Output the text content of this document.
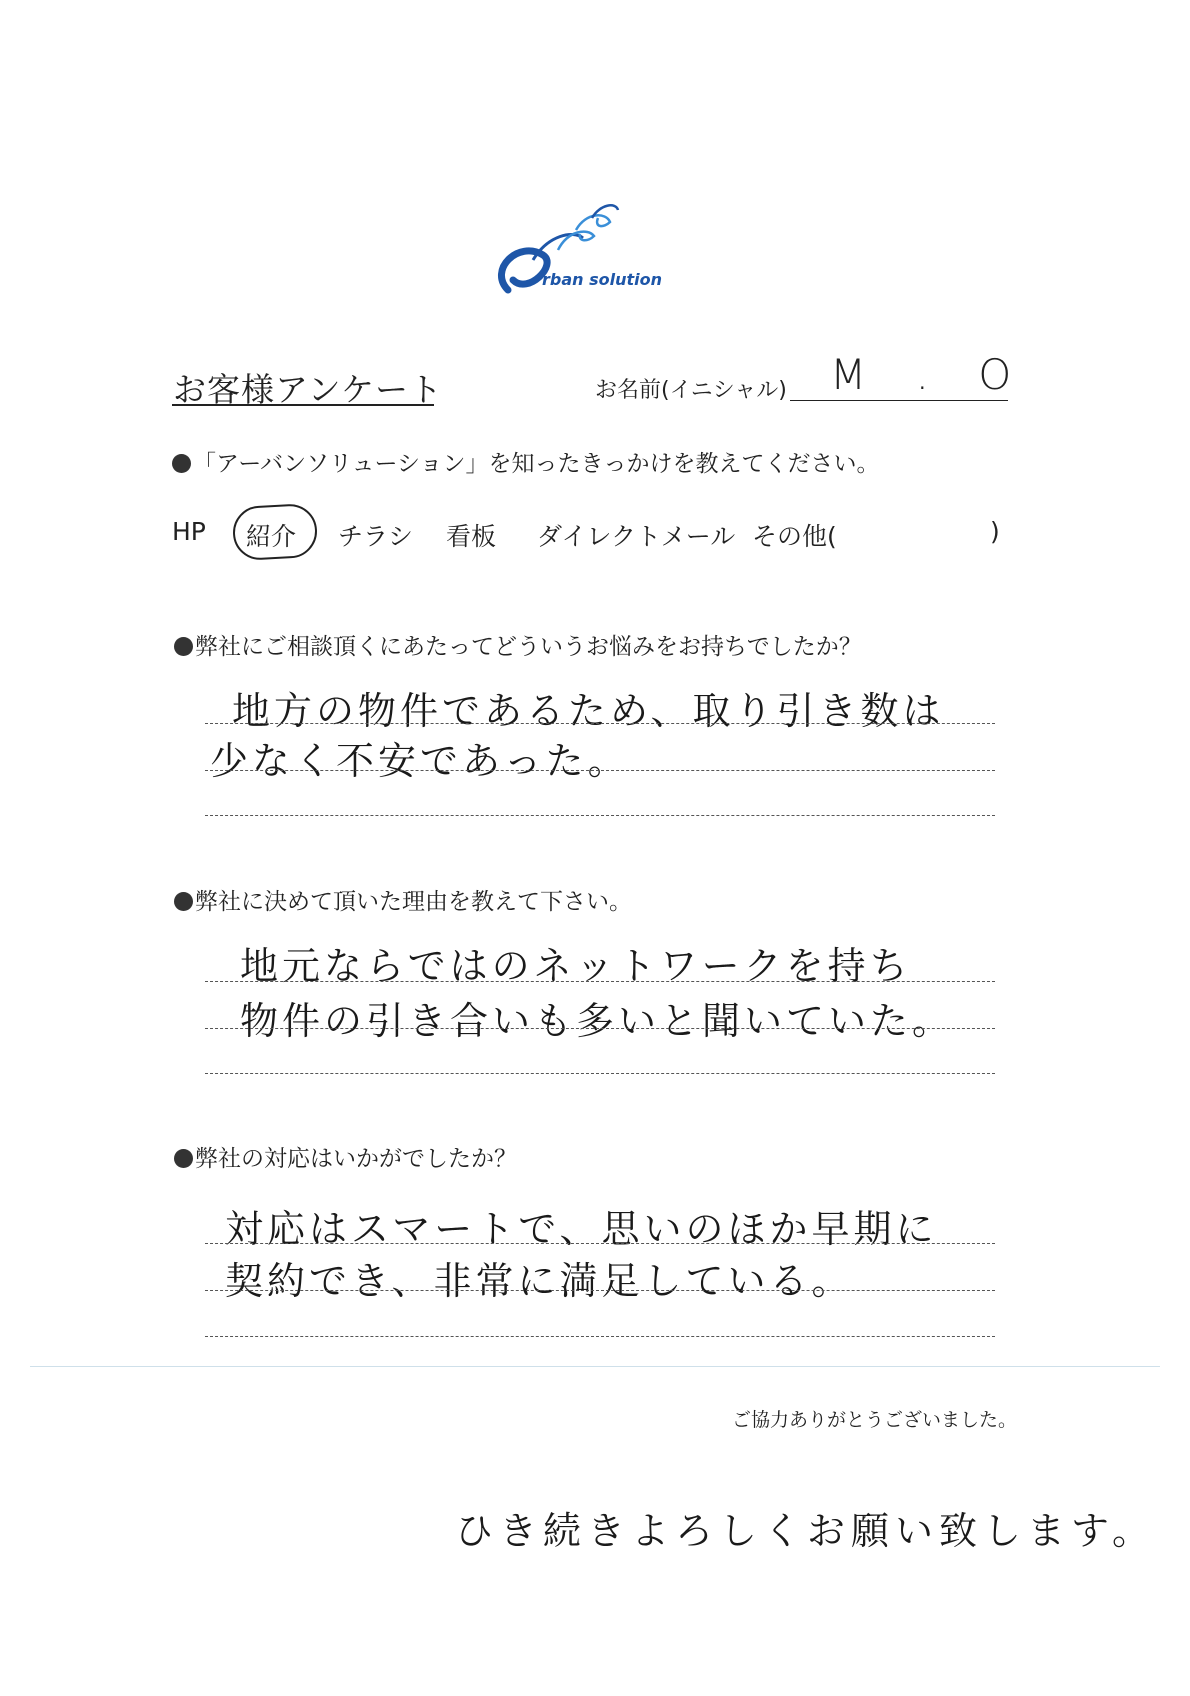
rban solution
お客様アンケート	お名前(イニシャル) M . O
「アーバンソリューション」を知ったきっかけを教えてください。
HP 紹介 チラシ 看板 ダイレクトメール その他(	)
弊社にご相談頂くにあたってどういうお悩みをお持ちでしたか？
地方の物件であるため、取り引き数は
少なく不安であった。
弊社に決めて頂いた理由を教えて下さい。
地元ならではのネットワークを持ち
物件の引き合いも多いと聞いていた。
弊社の対応はいかがでしたか？
対応はスマートで、思いのほか早期に
契約でき、非常に満足している。
ご協力ありがとうございました。
ひき続きよろしくお願い致します。
